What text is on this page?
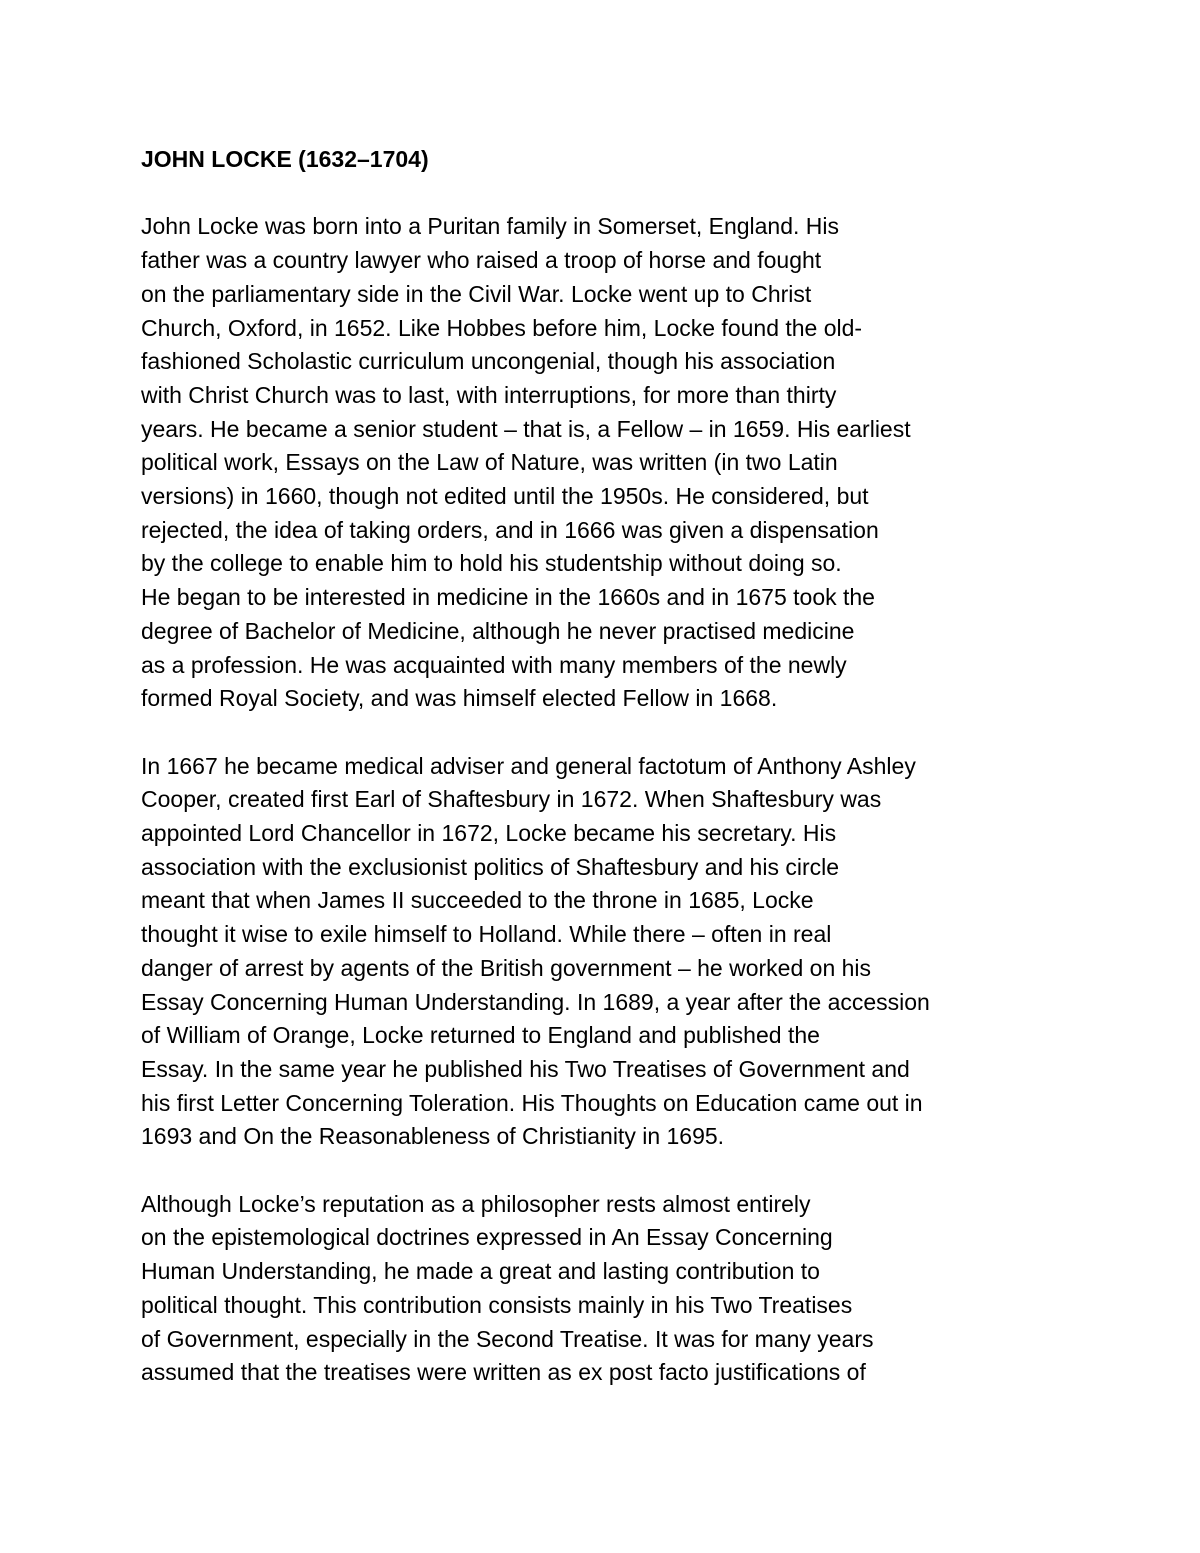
JOHN LOCKE (1632–1704)
John Locke was born into a Puritan family in Somerset, England. His
father was a country lawyer who raised a troop of horse and fought
on the parliamentary side in the Civil War. Locke went up to Christ
Church, Oxford, in 1652. Like Hobbes before him, Locke found the old-
fashioned Scholastic curriculum uncongenial, though his association
with Christ Church was to last, with interruptions, for more than thirty
years. He became a senior student – that is, a Fellow – in 1659. His earliest
political work, Essays on the Law of Nature, was written (in two Latin
versions) in 1660, though not edited until the 1950s. He considered, but
rejected, the idea of taking orders, and in 1666 was given a dispensation
by the college to enable him to hold his studentship without doing so.
He began to be interested in medicine in the 1660s and in 1675 took the
degree of Bachelor of Medicine, although he never practised medicine
as a profession. He was acquainted with many members of the newly
formed Royal Society, and was himself elected Fellow in 1668.
In 1667 he became medical adviser and general factotum of Anthony Ashley
Cooper, created first Earl of Shaftesbury in 1672. When Shaftesbury was
appointed Lord Chancellor in 1672, Locke became his secretary. His
association with the exclusionist politics of Shaftesbury and his circle
meant that when James II succeeded to the throne in 1685, Locke
thought it wise to exile himself to Holland. While there – often in real
danger of arrest by agents of the British government – he worked on his
Essay Concerning Human Understanding. In 1689, a year after the accession
of William of Orange, Locke returned to England and published the
Essay. In the same year he published his Two Treatises of Government and
his first Letter Concerning Toleration. His Thoughts on Education came out in
1693 and On the Reasonableness of Christianity in 1695.
Although Locke’s reputation as a philosopher rests almost entirely
on the epistemological doctrines expressed in An Essay Concerning
Human Understanding, he made a great and lasting contribution to
political thought. This contribution consists mainly in his Two Treatises
of Government, especially in the Second Treatise. It was for many years
assumed that the treatises were written as ex post facto justifications of
